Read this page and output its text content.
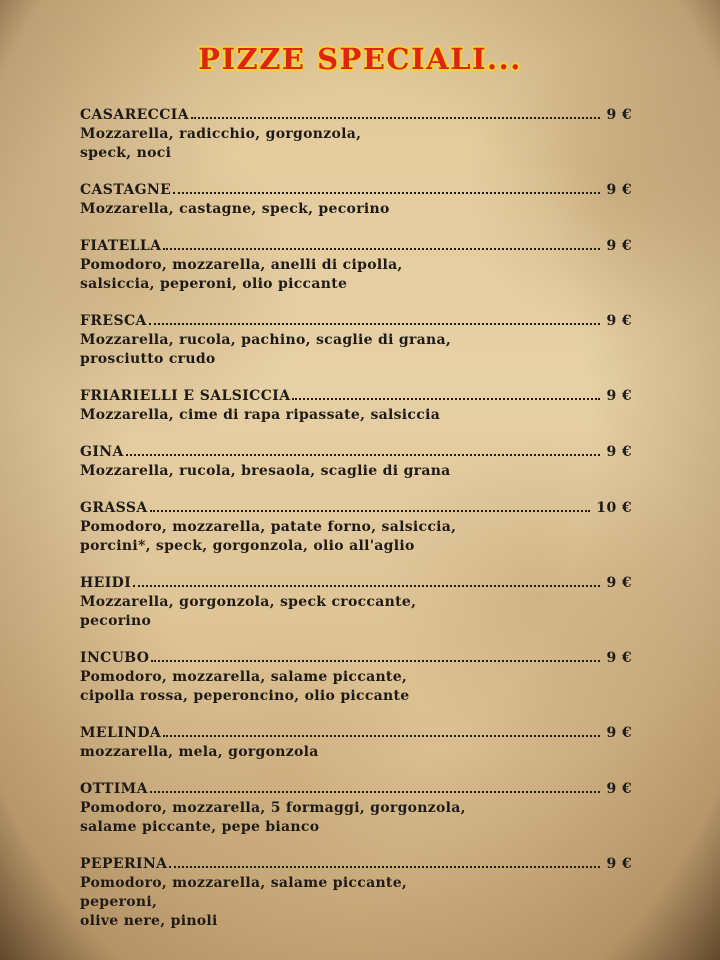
PIZZE SPECIALI...
CASARECCIA	9 €
Mozzarella, radicchio, gorgonzola,
speck, noci
CASTAGNE	9 €
Mozzarella, castagne, speck, pecorino
FIATELLA	9 €
Pomodoro, mozzarella, anelli di cipolla,
salsiccia, peperoni, olio piccante
FRESCA	9 €
Mozzarella, rucola, pachino, scaglie di grana,
prosciutto crudo
FRIARIELLI E SALSICCIA	9 €
Mozzarella, cime di rapa ripassate, salsiccia
GINA	9 €
Mozzarella, rucola, bresaola, scaglie di grana
GRASSA	10 €
Pomodoro, mozzarella, patate forno, salsiccia,
porcini*, speck, gorgonzola, olio all'aglio
HEIDI	9 €
Mozzarella, gorgonzola, speck croccante,
pecorino
INCUBO	9 €
Pomodoro, mozzarella, salame piccante,
cipolla rossa, peperoncino, olio piccante
MELINDA	9 €
mozzarella, mela, gorgonzola
OTTIMA	9 €
Pomodoro, mozzarella, 5 formaggi, gorgonzola,
salame piccante, pepe bianco
PEPERINA	9 €
Pomodoro, mozzarella, salame piccante,
peperoni,
olive nere, pinoli
